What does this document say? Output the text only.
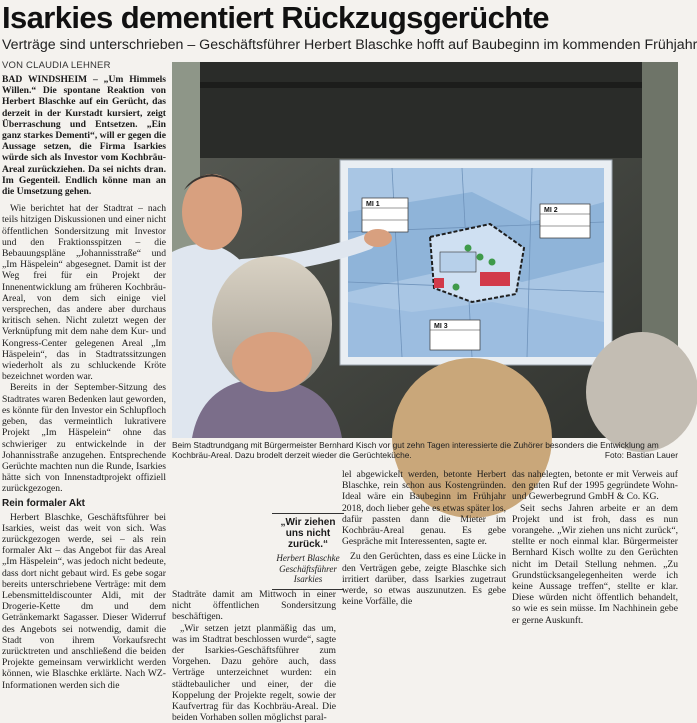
Isarkies dementiert Rückzugsgerüchte
Verträge sind unterschrieben – Geschäftsführer Herbert Blaschke hofft auf Baubeginn im kommenden Frühjahr
VON CLAUDIA LEHNER

BAD WINDSHEIM – „Um Himmels Willen.“ Die spontane Reaktion von Herbert Blaschke auf ein Gerücht, das derzeit in der Kurstadt kursiert, zeigt Überraschung und Entsetzen. „Ein ganz starkes Dementi“, will er gegen die Aussage setzen, die Firma Isarkies würde sich als Investor vom Kochbräu-Areal zurückziehen. Da sei nichts dran. Im Gegenteil. Endlich könne man an die Umsetzung gehen.

Wie berichtet hat der Stadtrat – nach teils hitzigen Diskussionen und einer nicht öffentlichen Sondersitzung mit Investor und den Fraktionsspitzen – die Bebauungspläne „Johannisstraße“ und „Im Häspelein“ abgesegnet. Damit ist der Weg frei für ein Projekt der Innenentwicklung am früheren Kochbräu-Areal, von dem sich einige viel versprechen, das andere aber durchaus kritisch sehen. Nicht zuletzt wegen der Verknüpfung mit dem nahe dem Kur- und Kongress-Center gelegenen Areal „Im Häspelein“, das in Stadtratssitzungen wiederholt als zu schluckende Kröte bezeichnet worden war.

Bereits in der September-Sitzung des Stadtrates waren Bedenken laut geworden, es könnte für den Investor ein Schlupfloch geben, das vermeintlich lukrativere Projekt „Im Häspelein“ ohne das schwieriger zu entwickelnde in der Johannisstraße anzugehen. Entsprechende Gerüchte machten nun die Runde, Isarkies hätte sich von Innenstadtprojekt offiziell zurückgezogen.

Rein formaler Akt

Herbert Blaschke, Geschäftsführer bei Isarkies, weist das weit von sich. Was zurückgezogen werde, sei – als rein formaler Akt – das Angebot für das Areal „Im Häspelein“, was jedoch nicht bedeute, dass dort nicht gebaut wird. Es gebe sogar bereits unterschriebene Verträge: mit dem Lebensmitteldiscounter Aldi, mit der Drogerie-Kette dm und dem Getränkemarkt Sagasser. Dieser Widerruf des Angebots sei notwendig, damit die Stadt von ihrem Vorkaufsrecht zurücktreten und anschließend die beiden Projekte gemeinsam verwirklicht werden können, wie Blaschke erklärte. Nach WZ-Informationen werden sich die

MI 1
MI 2
MI 3
Beim Stadtrundgang mit Bürgermeister Bernhard Kisch vor gut zehn Tagen interessierte die Zuhörer besonders die Entwicklung am Kochbräu-Areal. Dazu brodelt derzeit wieder die Gerüchteküche.	Foto: Bastian Lauer

Stadträte damit am Mittwoch in einer nicht öffentlichen Sondersitzung beschäftigen.

„Wir setzen jetzt planmäßig das um, was im Stadtrat beschlossen wurde“, sagte der Isarkies-Geschäftsführer zum Vorgehen. Dazu gehöre auch, dass Verträge unterzeichnet wurden: ein städtebaulicher und einer, der die Koppelung der Projekte regelt, sowie der Kaufvertrag für das Kochbräu-Areal. Die beiden Vorhaben sollen möglichst paral-

„Wir ziehen uns nicht zurück.“
Herbert Blaschke Geschäftsführer Isarkies

lel abgewickelt werden, betonte Herbert Blaschke, rein schon aus Kostengründen. Ideal wäre ein Baubeginn im Frühjahr 2018, doch lieber gehe es etwas später los, dafür passten dann die Mieter im Kochbräu-Areal genau. Es gebe Gespräche mit Interessenten, sagte er.

Zu den Gerüchten, dass es eine Lücke in den Verträgen gebe, zeigte Blaschke sich irritiert darüber, dass Isarkies zugetraut werde, so etwas auszunutzen. Es gebe keine Vorfälle, die

das nahelegten, betonte er mit Verweis auf den guten Ruf der 1995 gegründete Wohn- und Gewerbegrund GmbH & Co. KG.

Seit sechs Jahren arbeite er an dem Projekt und ist froh, dass es nun vorangehe. „Wir ziehen uns nicht zurück“, stellte er noch einmal klar. Bürgermeister Bernhard Kisch wollte zu den Gerüchten nicht im Detail Stellung nehmen. „Zu Grundstücksangelegenheiten werde ich keine Aussage treffen“, stellte er klar. Diese würden nicht öffentlich behandelt, so wie es sein müsse. Im Nachhinein gebe er gerne Auskunft.
